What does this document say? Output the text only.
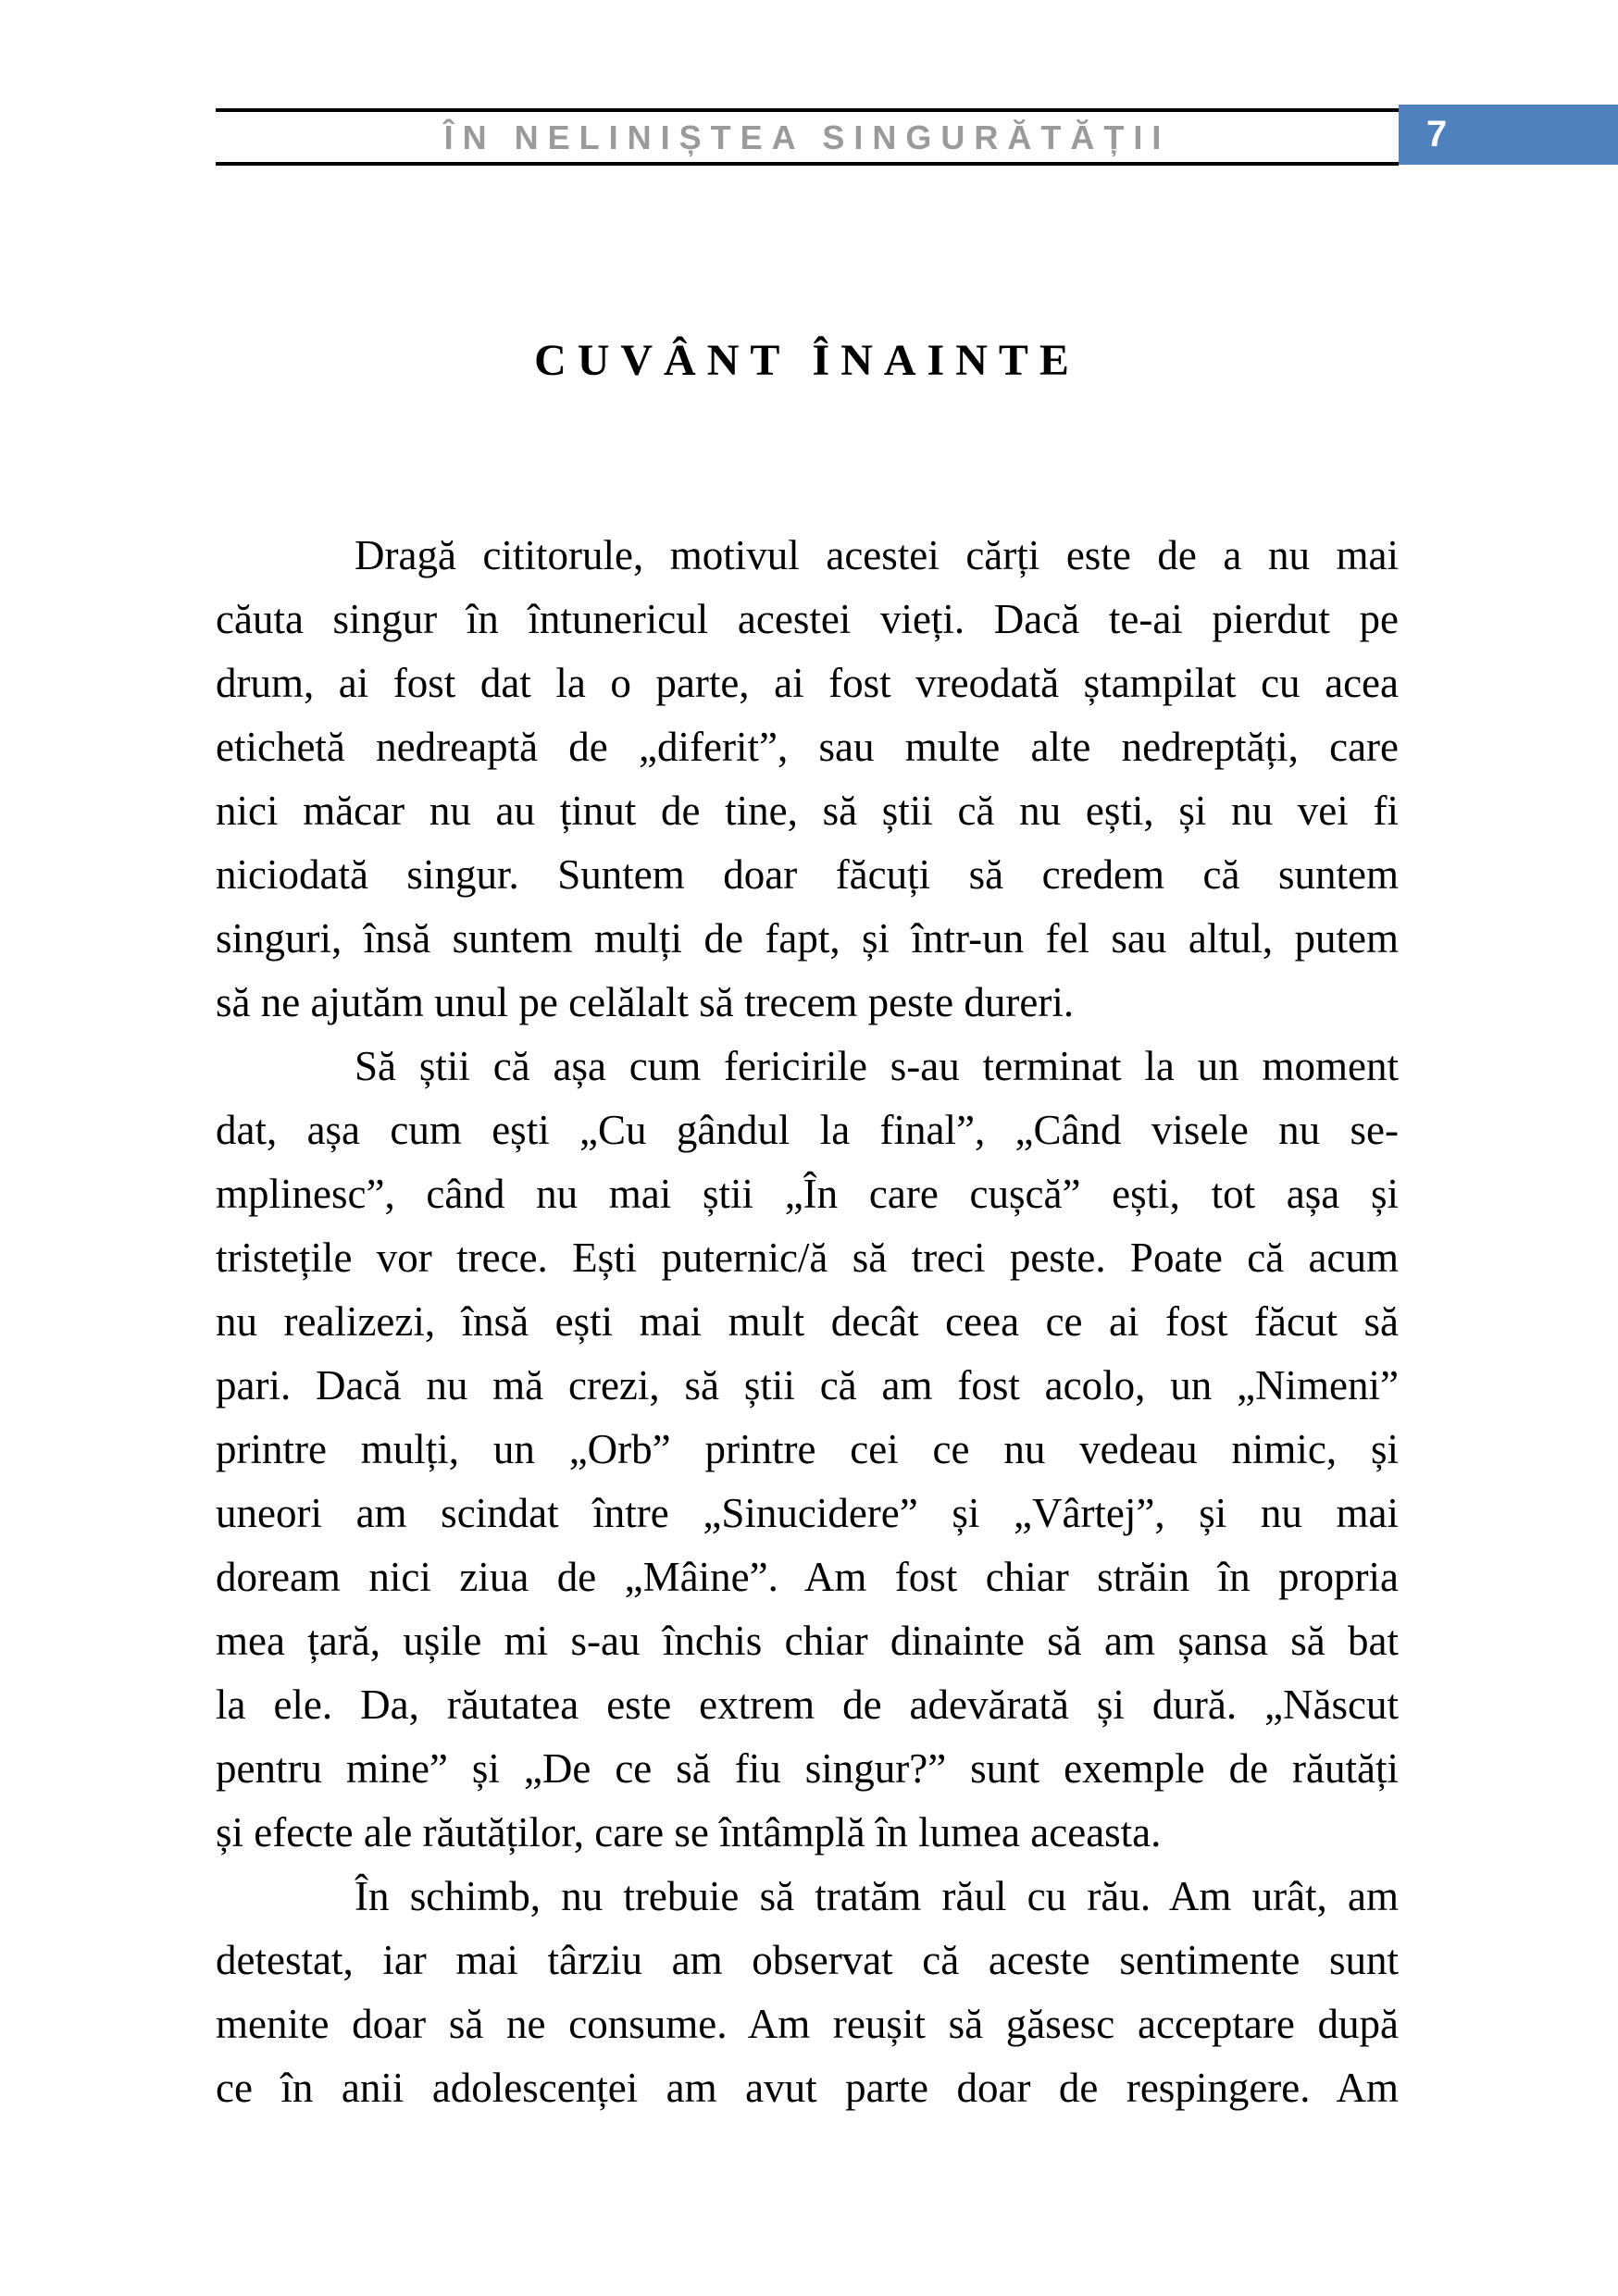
ÎN NELINIȘTEA SINGURĂTĂȚII	7
CUVÂNT ÎNAINTE
Dragă cititorule, motivul acestei cărți este de a nu mai
căuta singur în întunericul acestei vieți. Dacă te-ai pierdut pe
drum, ai fost dat la o parte, ai fost vreodată ștampilat cu acea
etichetă nedreaptă de „diferit”, sau multe alte nedreptăți, care
nici măcar nu au ținut de tine, să știi că nu ești, și nu vei fi
niciodată singur. Suntem doar făcuți să credem că suntem
singuri, însă suntem mulți de fapt, și într-un fel sau altul, putem
să ne ajutăm unul pe celălalt să trecem peste dureri.
Să știi că așa cum fericirile s-au terminat la un moment
dat, așa cum ești „Cu gândul la final”, „Când visele nu se-
mplinesc”, când nu mai știi „În care cușcă” ești, tot așa și
tristețile vor trece. Ești puternic/ă să treci peste. Poate că acum
nu realizezi, însă ești mai mult decât ceea ce ai fost făcut să
pari. Dacă nu mă crezi, să știi că am fost acolo, un „Nimeni”
printre mulți, un „Orb” printre cei ce nu vedeau nimic, și
uneori am scindat între „Sinucidere” și „Vârtej”, și nu mai
doream nici ziua de „Mâine”. Am fost chiar străin în propria
mea țară, ușile mi s-au închis chiar dinainte să am șansa să bat
la ele. Da, răutatea este extrem de adevărată și dură. „Născut
pentru mine” și „De ce să fiu singur?” sunt exemple de răutăți
și efecte ale răutăților, care se întâmplă în lumea aceasta.
În schimb, nu trebuie să tratăm răul cu rău. Am urât, am
detestat, iar mai târziu am observat că aceste sentimente sunt
menite doar să ne consume. Am reușit să găsesc acceptare după
ce în anii adolescenței am avut parte doar de respingere. Am
